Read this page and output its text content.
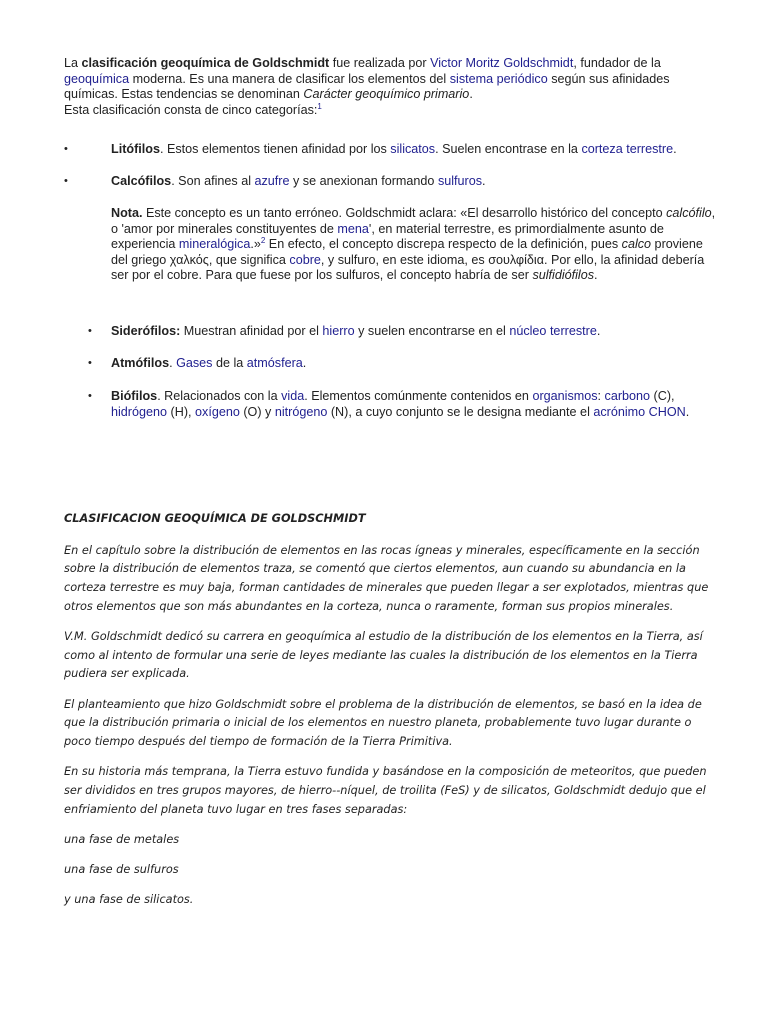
La clasificación geoquímica de Goldschmidt fue realizada por Victor Moritz Goldschmidt, fundador de la geoquímica moderna. Es una manera de clasificar los elementos del sistema periódico según sus afinidades químicas. Estas tendencias se denominan Carácter geoquímico primario.

Esta clasificación consta de cinco categorías:$^1$

•	Litófilos. Estos elementos tienen afinidad por los silicatos. Suelen encontrase en la corteza terrestre.
•	Calcófilos. Son afines al azufre y se anexionan formando sulfuros.
Nota. Este concepto es un tanto erróneo. Goldschmidt aclara: «El desarrollo histórico del concepto calcófilo, o 'amor por minerales constituyentes de mena', en material terrestre, es primordialmente asunto de experiencia mineralógica.»$^2$ En efecto, el concepto discrepa respecto de la definición, pues calco proviene del griego χαλκός, que significa cobre, y sulfuro, en este idioma, es σουλφίδια. Por ello, la afinidad debería ser por el cobre. Para que fuese por los sulfuros, el concepto habría de ser sulfidiófilos.
• Siderófilos: Muestran afinidad por el hierro y suelen encontrarse en el núcleo terrestre.
• Atmófilos. Gases de la atmósfera.
• Biófilos. Relacionados con la vida. Elementos comúnmente contenidos en organismos: carbono (C), hidrógeno (H), oxígeno (O) y nitrógeno (N), a cuyo conjunto se le designa mediante el acrónimo CHON.

CLASIFICACION GEOQUÍMICA DE GOLDSCHMIDT

En el capítulo sobre la distribución de elementos en las rocas ígneas y minerales, específicamente en la sección sobre la distribución de elementos traza, se comentó que ciertos elementos, aun cuando su abundancia en la corteza terrestre es muy baja, forman cantidades de minerales que pueden llegar a ser explotados, mientras que otros elementos que son más abundantes en la corteza, nunca o raramente, forman sus propios minerales.

V.M. Goldschmidt dedicó su carrera en geoquímica al estudio de la distribución de los elementos en la Tierra, así como al intento de formular una serie de leyes mediante las cuales la distribución de los elementos en la Tierra pudiera ser explicada.

El planteamiento que hizo Goldschmidt sobre el problema de la distribución de elementos, se basó en la idea de que la distribución primaria o inicial de los elementos en nuestro planeta, probablemente tuvo lugar durante o poco tiempo después del tiempo de formación de la Tierra Primitiva.

En su historia más temprana, la Tierra estuvo fundida y basándose en la composición de meteoritos, que pueden ser divididos en tres grupos mayores, de hierro--níquel, de troilita (FeS) y de silicatos, Goldschmidt dedujo que el enfriamiento del planeta tuvo lugar en tres fases separadas:

una fase de metales

una fase de sulfuros

y una fase de silicatos.
